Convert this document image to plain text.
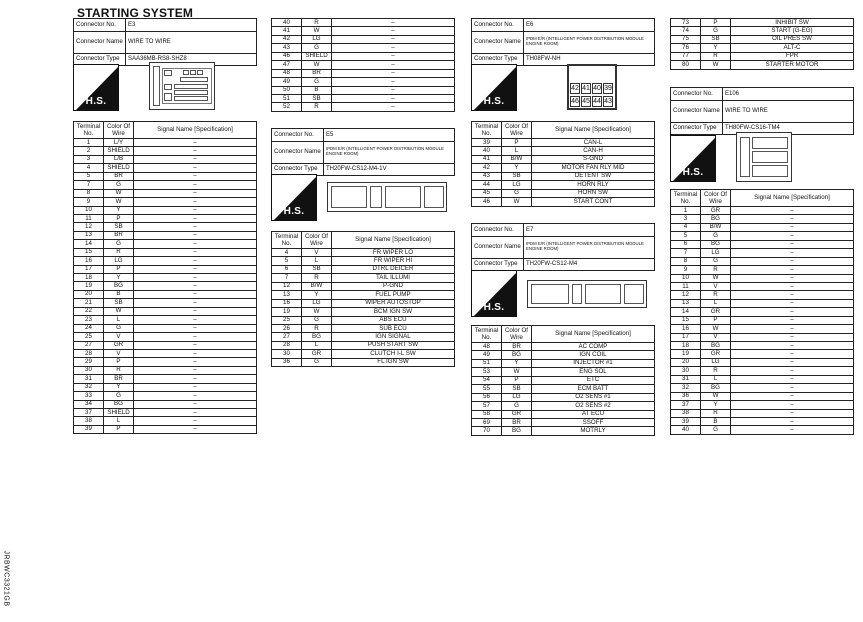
STARTING SYSTEM
JRBWC3321GB
Connector No.	E3
Connector Name	WIRE TO WIRE
Connector Type	SAA36MB-RS8-SHZ8
H.S.
Terminal No.	Color Of Wire	Signal Name [Specification]
1	L/Y	–
2	SHIELD	–
3	L/B	–
4	SHIELD	–
5	BR	–
7	G	–
8	W	–
9	W	–
10	Y	–
11	P	–
12	SB	–
13	BR	–
14	G	–
15	R	–
16	LG	–
17	P	–
18	Y	–
19	BG	–
20	B	–
21	SB	–
22	W	–
23	L	–
24	G	–
25	V	–
27	GR	–
28	V	–
29	P	–
30	R	–
31	BR	–
32	Y	–
33	G	–
34	BG	–
37	SHIELD	–
38	L	–
39	P	–
40	R	–
41	W	–
42	LG	–
43	G	–
46	SHIELD	–
47	W	–
48	BR	–
49	G	–
50	B	–
51	SB	–
52	R	–
Connector No.	E5
Connector Name	IPDM E/R (INTELLIGENT POWER DISTRIBUTION MODULE ENGINE ROOM)
Connector Type	TH20FW-CS12-M4-1V
H.S.
Terminal No.	Color Of Wire	Signal Name [Specification]
4	V	FR WIPER LO
5	L	FR WIPER HI
6	SB	DTRL DEICER
7	R	TAIL ILLUMI
12	B/W	P-GND
13	Y	FUEL PUMP
16	LG	WIPER AUTOSTOP
19	W	BCM IGN SW
25	G	ABS ECU
26	R	SUB ECU
27	BG	IGN SIGNAL
28	L	PUSH START SW
30	GR	CLUTCH I-L SW
36	G	FL IGN SW
Connector No.	E6
Connector Name	IPDM E/R (INTELLIGENT POWER DISTRIBUTION MODULE ENGINE ROOM)
Connector Type	TH08FW-NH
H.S.
42 41 40 39
46 45 44 43
Terminal No.	Color Of Wire	Signal Name [Specification]
39	P	CAN-L
40	L	CAN-H
41	B/W	S-GND
42	Y	MOTOR FAN RLY MID
43	SB	DETENT SW
44	LG	HORN RLY
45	G	HORN SW
46	W	START CONT
Connector No.	E7
Connector Name	IPDM E/R (INTELLIGENT POWER DISTRIBUTION MODULE ENGINE ROOM)
Connector Type	TH20FW-CS12-M4
H.S.
Terminal No.	Color Of Wire	Signal Name [Specification]
48	BR	AC COMP
49	BG	IGN COIL
51	Y	INJECTOR #1
53	W	ENG SOL
54	P	ETC
55	SB	ECM BATT
56	LG	O2 SENS #1
57	G	O2 SENS #2
58	GR	AT ECU
69	BR	SSOFF
70	BG	MOTRLY
73	P	INHIBIT SW
74	G	START (G-EG)
75	SB	OIL PRES SW
76	Y	ALT-C
77	R	FPR
80	W	STARTER MOTOR
Connector No.	E106
Connector Name	WIRE TO WIRE
Connector Type	TH80FW-CS16-TM4
H.S.
Terminal No.	Color Of Wire	Signal Name [Specification]
1	GR	–
3	BG	–
4	B/W	–
5	G	–
6	BG	–
7	LG	–
8	G	–
9	R	–
10	W	–
11	V	–
12	R	–
13	L	–
14	GR	–
15	P	–
16	W	–
17	V	–
18	BG	–
19	GR	–
20	LG	–
30	R	–
31	L	–
32	BG	–
36	W	–
37	Y	–
38	R	–
39	B	–
40	G	–
